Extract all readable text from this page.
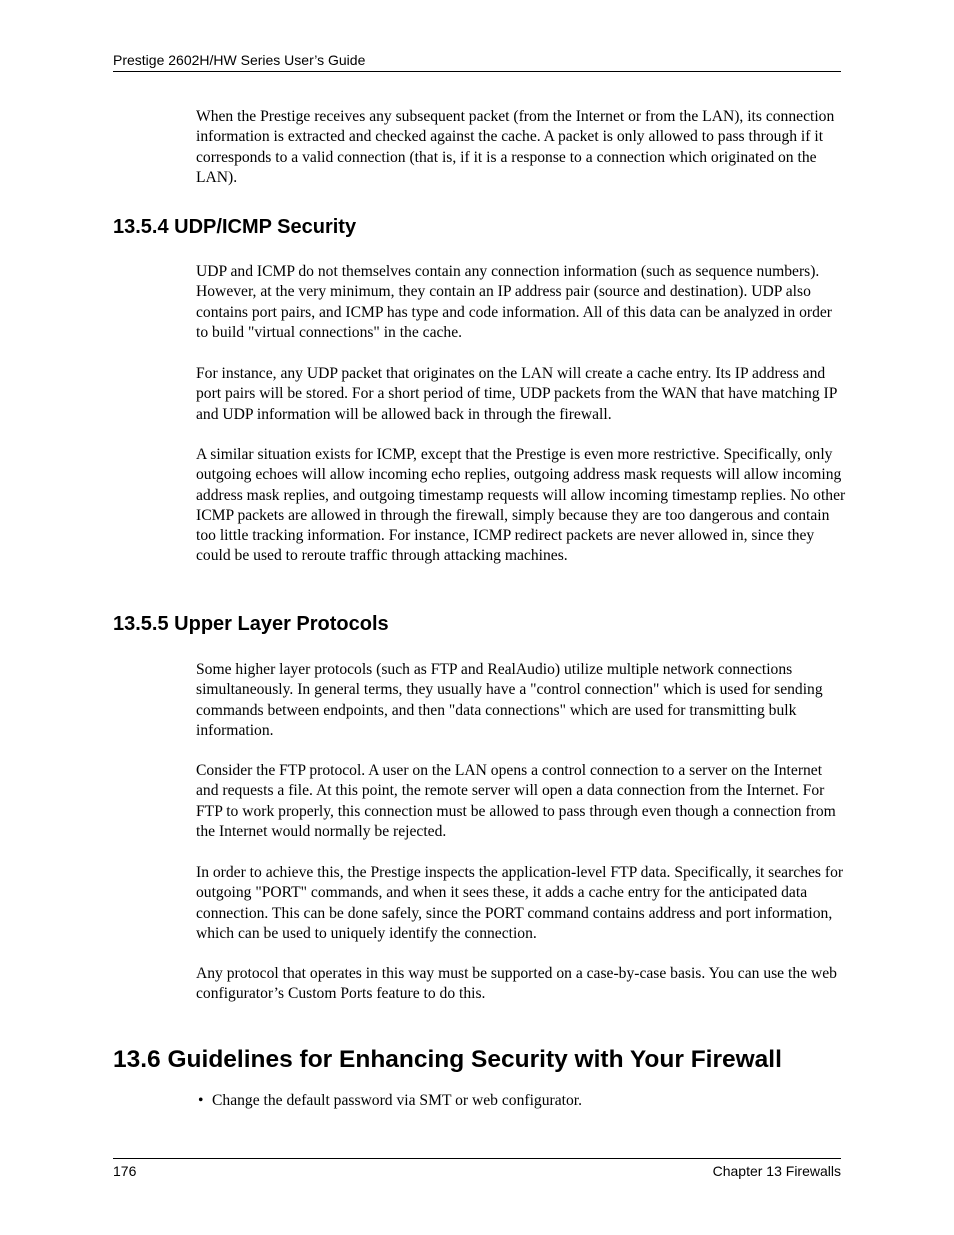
Prestige 2602H/HW Series User’s Guide

When the Prestige receives any subsequent packet (from the Internet or from the LAN), its connection information is extracted and checked against the cache. A packet is only allowed to pass through if it corresponds to a valid connection (that is, if it is a response to a connection which originated on the LAN).

13.5.4 UDP/ICMP Security

UDP and ICMP do not themselves contain any connection information (such as sequence numbers). However, at the very minimum, they contain an IP address pair (source and destination). UDP also contains port pairs, and ICMP has type and code information. All of this data can be analyzed in order to build "virtual connections" in the cache.

For instance, any UDP packet that originates on the LAN will create a cache entry. Its IP address and port pairs will be stored. For a short period of time, UDP packets from the WAN that have matching IP and UDP information will be allowed back in through the firewall.

A similar situation exists for ICMP, except that the Prestige is even more restrictive. Specifically, only outgoing echoes will allow incoming echo replies, outgoing address mask requests will allow incoming address mask replies, and outgoing timestamp requests will allow incoming timestamp replies. No other ICMP packets are allowed in through the firewall, simply because they are too dangerous and contain too little tracking information. For instance, ICMP redirect packets are never allowed in, since they could be used to reroute traffic through attacking machines.

13.5.5 Upper Layer Protocols

Some higher layer protocols (such as FTP and RealAudio) utilize multiple network connections simultaneously. In general terms, they usually have a "control connection" which is used for sending commands between endpoints, and then "data connections" which are used for transmitting bulk information.

Consider the FTP protocol. A user on the LAN opens a control connection to a server on the Internet and requests a file. At this point, the remote server will open a data connection from the Internet. For FTP to work properly, this connection must be allowed to pass through even though a connection from the Internet would normally be rejected.

In order to achieve this, the Prestige inspects the application-level FTP data. Specifically, it searches for outgoing "PORT" commands, and when it sees these, it adds a cache entry for the anticipated data connection. This can be done safely, since the PORT command contains address and port information, which can be used to uniquely identify the connection.

Any protocol that operates in this way must be supported on a case-by-case basis. You can use the web configurator’s Custom Ports feature to do this.

13.6 Guidelines for Enhancing Security with Your Firewall
• Change the default password via SMT or web configurator.
176	Chapter 13 Firewalls
